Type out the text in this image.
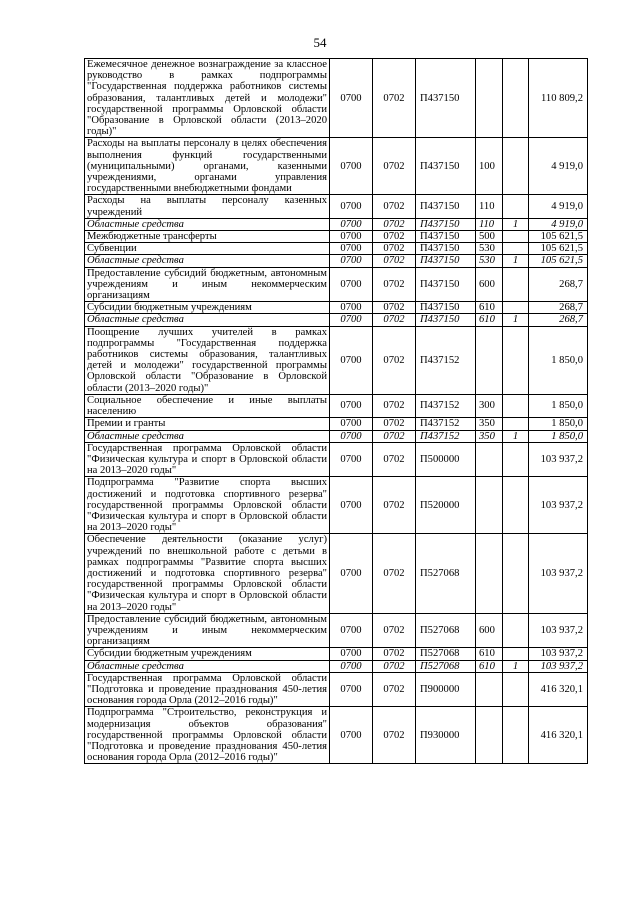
54
Ежемесячное денежное вознаграждение за классное руководство в рамках подпрограммы "Государственная поддержка работников системы образования, талантливых детей и молодежи" государственной программы Орловской области "Образование в Орловской области (2013–2020 годы)"	0700	0702	П437150			110 809,2
Расходы на выплаты персоналу в целях обеспечения выполнения функций государственными (муниципальными) органами, казенными учреждениями, органами управления государственными внебюджетными фондами	0700	0702	П437150	100		4 919,0
Расходы на выплаты персоналу казенных учреждений	0700	0702	П437150	110		4 919,0
Областные средства	0700	0702	П437150	110	1	4 919,0
Межбюджетные трансферты	0700	0702	П437150	500		105 621,5
Субвенции	0700	0702	П437150	530		105 621,5
Областные средства	0700	0702	П437150	530	1	105 621,5
Предоставление субсидий бюджетным, автономным учреждениям и иным некоммерческим организациям	0700	0702	П437150	600		268,7
Субсидии бюджетным учреждениям	0700	0702	П437150	610		268,7
Областные средства	0700	0702	П437150	610	1	268,7
Поощрение лучших учителей в рамках подпрограммы "Государственная поддержка работников системы образования, талантливых детей и молодежи" государственной программы Орловской области "Образование в Орловской области (2013–2020 годы)"	0700	0702	П437152			1 850,0
Социальное обеспечение и иные выплаты населению	0700	0702	П437152	300		1 850,0
Премии и гранты	0700	0702	П437152	350		1 850,0
Областные средства	0700	0702	П437152	350	1	1 850,0
Государственная программа Орловской области "Физическая культура и спорт в Орловской области на 2013–2020 годы"	0700	0702	П500000			103 937,2
Подпрограмма "Развитие спорта высших достижений и подготовка спортивного резерва" государственной программы Орловской области "Физическая культура и спорт в Орловской области на 2013–2020 годы"	0700	0702	П520000			103 937,2
Обеспечение деятельности (оказание услуг) учреждений по внешкольной работе с детьми в рамках подпрограммы "Развитие спорта высших достижений и подготовка спортивного резерва" государственной программы Орловской области "Физическая культура и спорт в Орловской области на 2013–2020 годы"	0700	0702	П527068			103 937,2
Предоставление субсидий бюджетным, автономным учреждениям и иным некоммерческим организациям	0700	0702	П527068	600		103 937,2
Субсидии бюджетным учреждениям	0700	0702	П527068	610		103 937,2
Областные средства	0700	0702	П527068	610	1	103 937,2
Государственная программа Орловской области "Подготовка и проведение празднования 450-летия основания города Орла (2012–2016 годы)"	0700	0702	П900000			416 320,1
Подпрограмма "Строительство, реконструкция и модернизация объектов образования" государственной программы Орловской области "Подготовка и проведение празднования 450-летия основания города Орла (2012–2016 годы)"	0700	0702	П930000			416 320,1
